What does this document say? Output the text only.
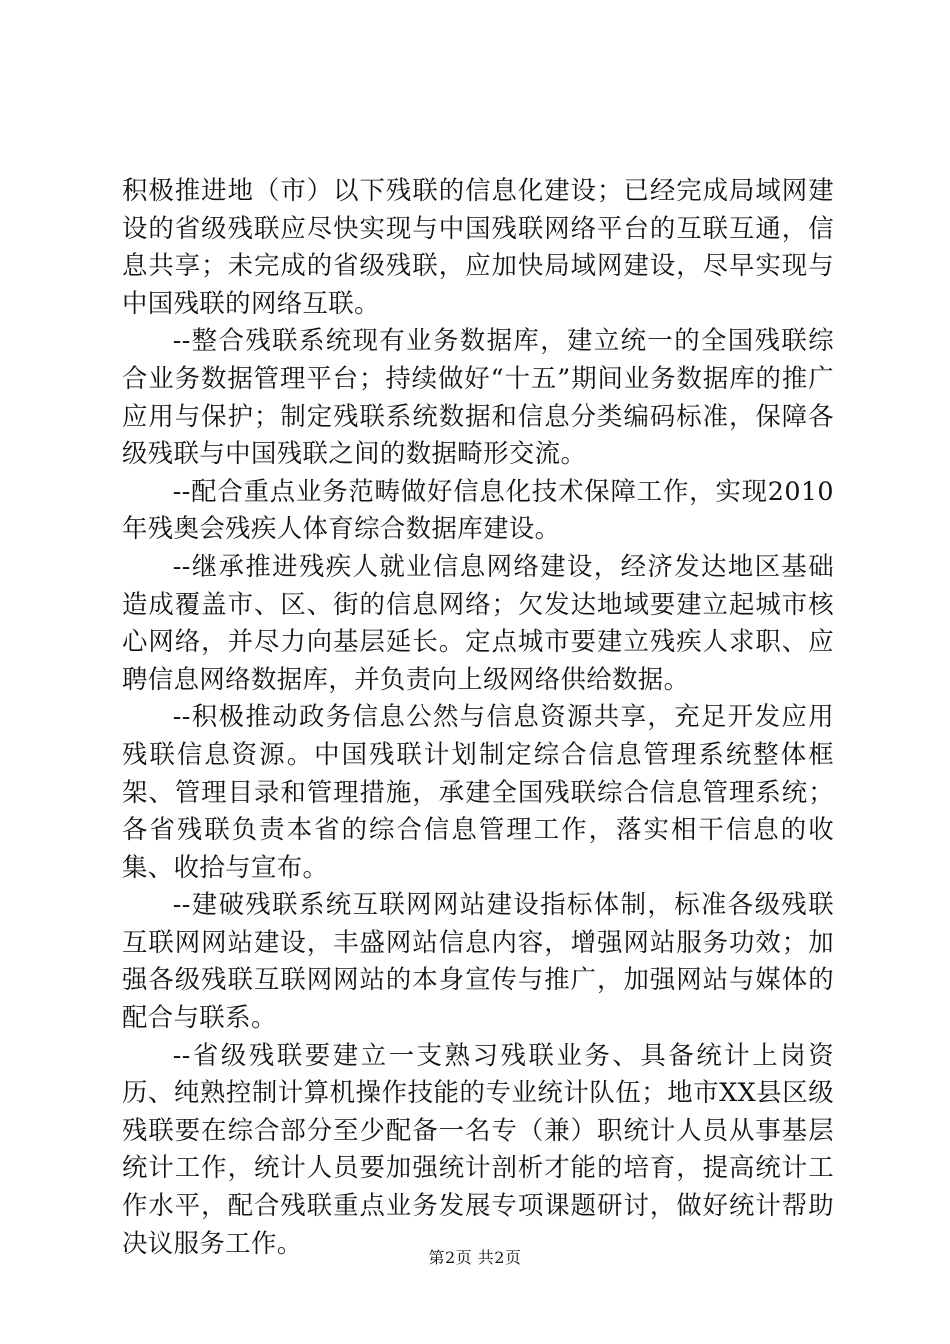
积极推进地（市）以下残联的信息化建设；已经完成局域网建设的省级残联应尽快实现与中国残联网络平台的互联互通，信息共享；未完成的省级残联，应加快局域网建设，尽早实现与中国残联的网络互联。

--整合残联系统现有业务数据库，建立统一的全国残联综合业务数据管理平台；持续做好“十五”期间业务数据库的推广应用与保护；制定残联系统数据和信息分类编码标准，保障各级残联与中国残联之间的数据畸形交流。

--配合重点业务范畴做好信息化技术保障工作，实现2010年残奥会残疾人体育综合数据库建设。

--继承推进残疾人就业信息网络建设，经济发达地区基础造成覆盖市、区、街的信息网络；欠发达地域要建立起城市核心网络，并尽力向基层延长。定点城市要建立残疾人求职、应聘信息网络数据库，并负责向上级网络供给数据。

--积极推动政务信息公然与信息资源共享，充足开发应用残联信息资源。中国残联计划制定综合信息管理系统整体框架、管理目录和管理措施，承建全国残联综合信息管理系统；各省残联负责本省的综合信息管理工作，落实相干信息的收集、收拾与宣布。

--建破残联系统互联网网站建设指标体制，标准各级残联互联网网站建设，丰盛网站信息内容，增强网站服务功效；加强各级残联互联网网站的本身宣传与推广，加强网站与媒体的配合与联系。

--省级残联要建立一支熟习残联业务、具备统计上岗资历、纯熟控制计算机操作技能的专业统计队伍；地市XX县区级残联要在综合部分至少配备一名专（兼）职统计人员从事基层统计工作，统计人员要加强统计剖析才能的培育，提高统计工作水平，配合残联重点业务发展专项课题研讨，做好统计帮助决议服务工作。	第2页 共2页
